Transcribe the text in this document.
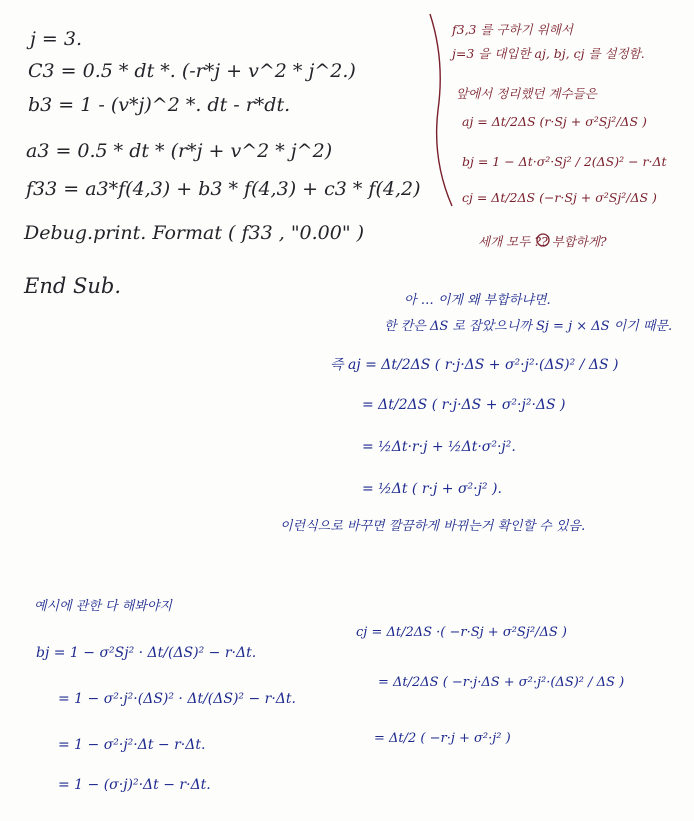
j = 3.
C3 = 0.5 * dt *. (-r*j + v^2 * j^2.)
b3 = 1 - (v*j)^2 *. dt - r*dt.
a3 = 0.5 * dt * (r*j + v^2 * j^2)
f33 = a3*f(4,3) + b3 * f(4,3) + c3 * f(4,2)
Debug.print. Format ( f33 , "0.00" )
End Sub.
f3,3 를 구하기 위해서
j=3 을 대입한 aj, bj, cj 를 설정함.
앞에서 정리했던 계수들은
aj = Δt/2ΔS (r·Sj + σ²Sj²/ΔS )
bj = 1 − Δt·σ²·Sj² / 2(ΔS)² − r·Δt
cj = Δt/2ΔS (−r·Sj + σ²Sj²/ΔS )
세개 모두 ?? 부합하게?
아 … 이게 왜 부합하냐면.
한 칸은 ΔS 로 잡았으니까 Sj = j × ΔS 이기 때문.
즉 aj = Δt/2ΔS ( r·j·ΔS + σ²·j²·(ΔS)² / ΔS )
= Δt/2ΔS ( r·j·ΔS + σ²·j²·ΔS )
= ½Δt·r·j + ½Δt·σ²·j².
= ½Δt ( r·j + σ²·j² ).
이런식으로 바꾸면 깔끔하게 바뀌는거 확인할 수 있음.
예시에 관한 다 해봐야지
bj = 1 − σ²Sj² · Δt/(ΔS)² − r·Δt.
= 1 − σ²·j²·(ΔS)² · Δt/(ΔS)² − r·Δt.
= 1 − σ²·j²·Δt − r·Δt.
= 1 − (σ·j)²·Δt − r·Δt.
cj = Δt/2ΔS ·( −r·Sj + σ²Sj²/ΔS )
= Δt/2ΔS ( −r·j·ΔS + σ²·j²·(ΔS)² / ΔS )
= Δt/2 ( −r·j + σ²·j² )
